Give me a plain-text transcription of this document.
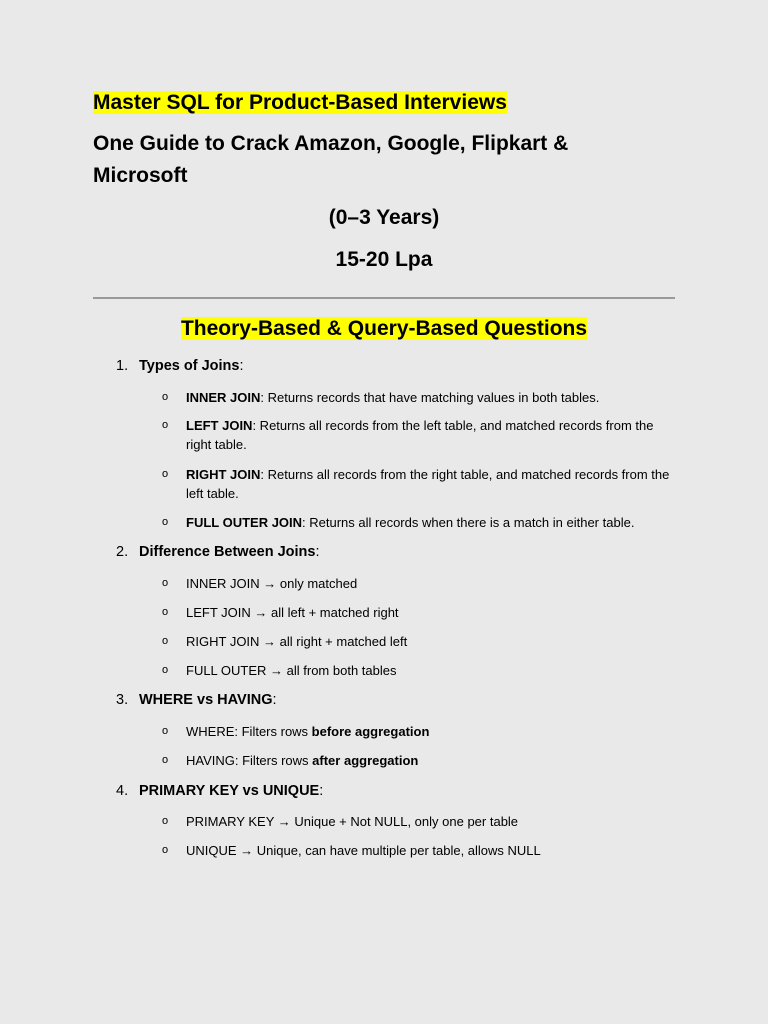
Master SQL for Product-Based Interviews

One Guide to Crack Amazon, Google, Flipkart & Microsoft

(0–3 Years)

15-20 Lpa

Theory-Based & Query-Based Questions

1. Types of Joins:
o INNER JOIN: Returns records that have matching values in both tables.
o LEFT JOIN: Returns all records from the left table, and matched records from the right table.
o RIGHT JOIN: Returns all records from the right table, and matched records from the left table.
o FULL OUTER JOIN: Returns all records when there is a match in either table.
2. Difference Between Joins:
o INNER JOIN → only matched
o LEFT JOIN → all left + matched right
o RIGHT JOIN → all right + matched left
o FULL OUTER → all from both tables
3. WHERE vs HAVING:
o WHERE: Filters rows before aggregation
o HAVING: Filters rows after aggregation
4. PRIMARY KEY vs UNIQUE:
o PRIMARY KEY → Unique + Not NULL, only one per table
o UNIQUE → Unique, can have multiple per table, allows NULL
